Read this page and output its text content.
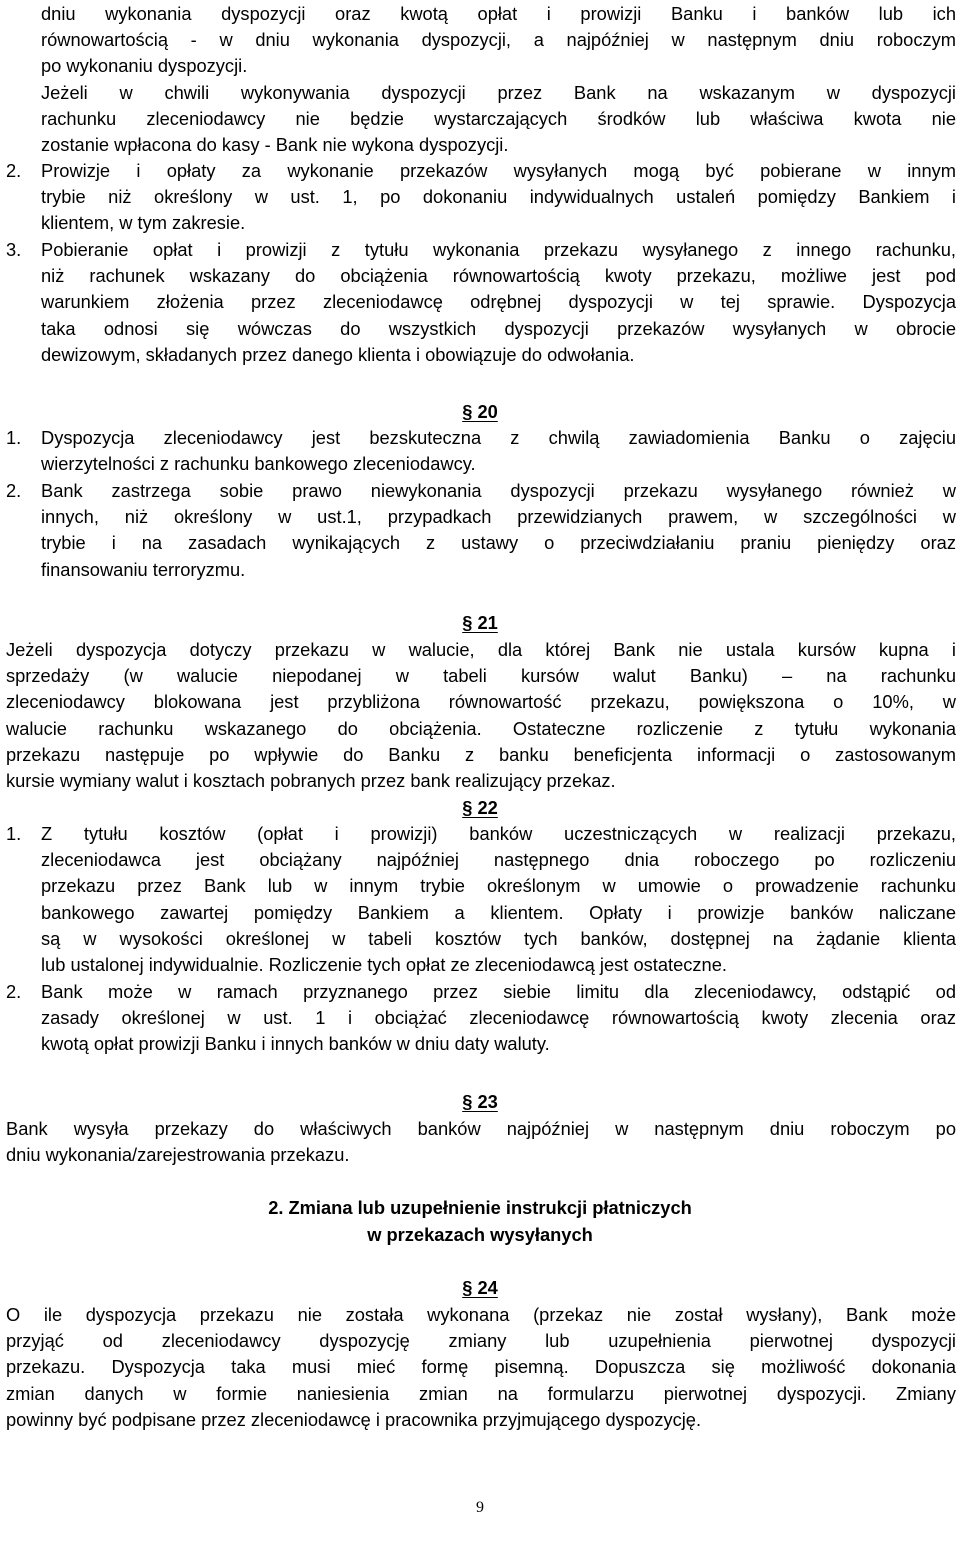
dniu wykonania dyspozycji oraz kwotą opłat i prowizji Banku i banków lub ich
równowartością - w dniu wykonania dyspozycji, a najpóźniej w następnym dniu roboczym
po wykonaniu dyspozycji.
Jeżeli w chwili wykonywania dyspozycji przez Bank na wskazanym w dyspozycji
rachunku zleceniodawcy nie będzie wystarczających środków lub właściwa kwota nie
zostanie wpłacona do kasy - Bank nie wykona dyspozycji.
2. Prowizje i opłaty za wykonanie przekazów wysyłanych mogą być pobierane w innym
trybie niż określony w ust. 1, po dokonaniu indywidualnych ustaleń pomiędzy Bankiem i
klientem, w tym zakresie.
3. Pobieranie opłat i prowizji z tytułu wykonania przekazu wysyłanego z innego rachunku,
niż rachunek wskazany do obciążenia równowartością kwoty przekazu, możliwe jest pod
warunkiem złożenia przez zleceniodawcę odrębnej dyspozycji w tej sprawie. Dyspozycja
taka odnosi się wówczas do wszystkich dyspozycji przekazów wysyłanych w obrocie
dewizowym, składanych przez danego klienta i obowiązuje do odwołania.
§ 20
1. Dyspozycja zleceniodawcy jest bezskuteczna z chwilą zawiadomienia Banku o zajęciu
wierzytelności z rachunku bankowego zleceniodawcy.
2. Bank zastrzega sobie prawo niewykonania dyspozycji przekazu wysyłanego również w
innych, niż określony w ust.1, przypadkach przewidzianych prawem, w szczególności w
trybie i na zasadach wynikających z ustawy o przeciwdziałaniu praniu pieniędzy oraz
finansowaniu terroryzmu.
§ 21
Jeżeli dyspozycja dotyczy przekazu w walucie, dla której Bank nie ustala kursów kupna i
sprzedaży (w walucie niepodanej w tabeli kursów walut Banku) – na rachunku
zleceniodawcy blokowana jest przybliżona równowartość przekazu, powiększona o 10%, w
walucie rachunku wskazanego do obciążenia. Ostateczne rozliczenie z tytułu wykonania
przekazu następuje po wpływie do Banku z banku beneficjenta informacji o zastosowanym
kursie wymiany walut i kosztach pobranych przez bank realizujący przekaz.
§ 22
1. Z tytułu kosztów (opłat i prowizji) banków uczestniczących w realizacji przekazu,
zleceniodawca jest obciążany najpóźniej następnego dnia roboczego po rozliczeniu
przekazu przez Bank lub w innym trybie określonym w umowie o prowadzenie rachunku
bankowego zawartej pomiędzy Bankiem a klientem. Opłaty i prowizje banków naliczane
są w wysokości określonej w tabeli kosztów tych banków, dostępnej na żądanie klienta
lub ustalonej indywidualnie. Rozliczenie tych opłat ze zleceniodawcą jest ostateczne.
2. Bank może w ramach przyznanego przez siebie limitu dla zleceniodawcy, odstąpić od
zasady określonej w ust. 1 i obciążać zleceniodawcę równowartością kwoty zlecenia oraz
kwotą opłat prowizji Banku i innych banków w dniu daty waluty.
§ 23
Bank wysyła przekazy do właściwych banków najpóźniej w następnym dniu roboczym po
dniu wykonania/zarejestrowania przekazu.
2. Zmiana lub uzupełnienie instrukcji płatniczych
w przekazach wysyłanych
§ 24
O ile dyspozycja przekazu nie została wykonana (przekaz nie został wysłany), Bank może
przyjąć od zleceniodawcy dyspozycję zmiany lub uzupełnienia pierwotnej dyspozycji
przekazu. Dyspozycja taka musi mieć formę pisemną. Dopuszcza się możliwość dokonania
zmian danych w formie naniesienia zmian na formularzu pierwotnej dyspozycji. Zmiany
powinny być podpisane przez zleceniodawcę i pracownika przyjmującego dyspozycję.
9
